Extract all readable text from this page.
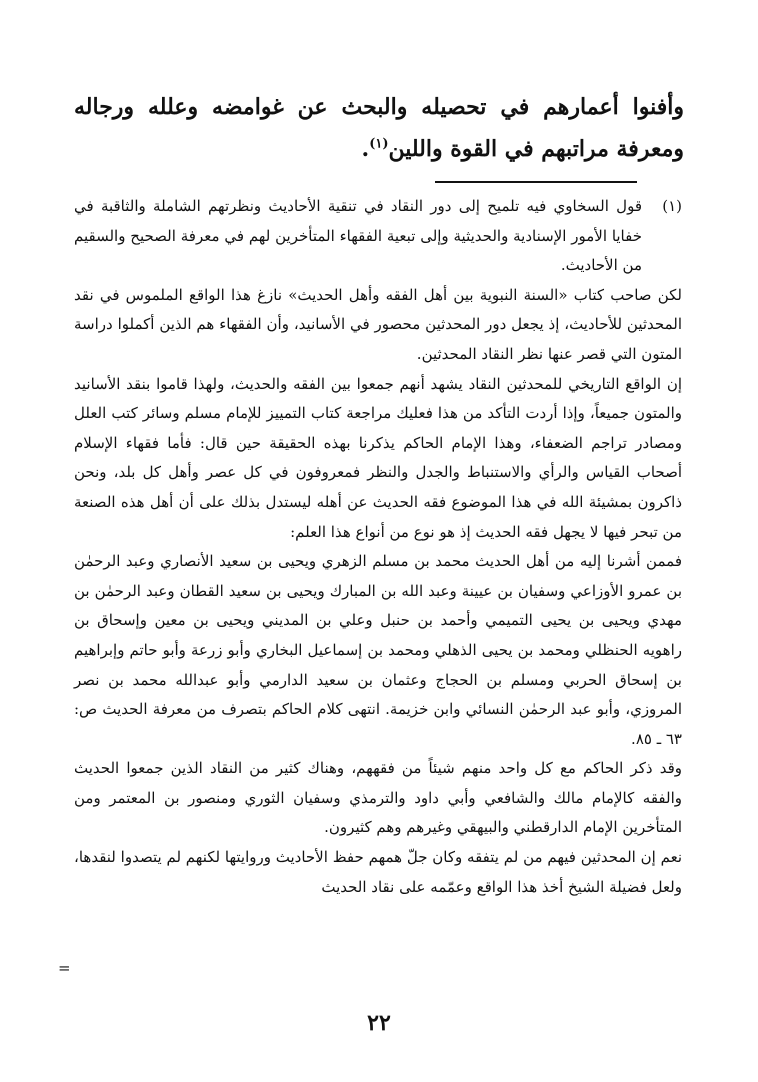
وأفنوا أعمارهم في تحصيله والبحث عن غوامضه وعلله ورجاله ومعرفة مراتبهم في القوة واللين$^{(١)}$.

(١)

قول السخاوي فيه تلميح إلى دور النقاد في تنقية الأحاديث ونظرتهم الشاملة والثاقبة في خفايا الأمور الإسنادية والحديثية وإلى تبعية الفقهاء المتأخرين لهم في معرفة الصحيح والسقيم من الأحاديث.

لكن صاحب كتاب «السنة النبوية بين أهل الفقه وأهل الحديث» نازغ هذا الواقع الملموس في نقد المحدثين للأحاديث، إذ يجعل دور المحدثين محصور في الأسانيد، وأن الفقهاء هم الذين أكملوا دراسة المتون التي قصر عنها نظر النقاد المحدثين.

إن الواقع التاريخي للمحدثين النقاد يشهد أنهم جمعوا بين الفقه والحديث، ولهذا قاموا بنقد الأسانيد والمتون جميعاً، وإذا أردت التأكد من هذا فعليك مراجعة كتاب التمييز للإمام مسلم وسائر كتب العلل ومصادر تراجم الضعفاء، وهذا الإمام الحاكم يذكرنا بهذه الحقيقة حين قال: فأما فقهاء الإسلام أصحاب القياس والرأي والاستنباط والجدل والنظر فمعروفون في كل عصر وأهل كل بلد، ونحن ذاكرون بمشيئة الله في هذا الموضوع فقه الحديث عن أهله ليستدل بذلك على أن أهل هذه الصنعة من تبحر فيها لا يجهل فقه الحديث إذ هو نوع من أنواع هذا العلم:

فممن أشرنا إليه من أهل الحديث محمد بن مسلم الزهري ويحيى بن سعيد الأنصاري وعبد الرحمٰن بن عمرو الأوزاعي وسفيان بن عيينة وعبد الله بن المبارك ويحيى بن سعيد القطان وعبد الرحمٰن بن مهدي ويحيى بن يحيى التميمي وأحمد بن حنبل وعلي بن المديني ويحيى بن معين وإسحاق بن راهويه الحنظلي ومحمد بن يحيى الذهلي ومحمد بن إسماعيل البخاري وأبو زرعة وأبو حاتم وإبراهيم بن إسحاق الحربي ومسلم بن الحجاج وعثمان بن سعيد الدارمي وأبو عبدالله محمد بن نصر المروزي، وأبو عبد الرحمٰن النسائي وابن خزيمة. انتهى كلام الحاكم بتصرف من معرفة الحديث ص: ٦٣ ـ ٨٥.

وقد ذكر الحاكم مع كل واحد منهم شيئاً من فقههم، وهناك كثير من النقاد الذين جمعوا الحديث والفقه كالإمام مالك والشافعي وأبي داود والترمذي وسفيان الثوري ومنصور بن المعتمر ومن المتأخرين الإمام الدارقطني والبيهقي وغيرهم وهم كثيرون.

نعم إن المحدثين فيهم من لم يتفقه وكان جلّ همهم حفظ الأحاديث وروايتها لكنهم لم يتصدوا لنقدها، ولعل فضيلة الشيخ أخذ هذا الواقع وعمّمه على نقاد الحديث

=
٢٢
